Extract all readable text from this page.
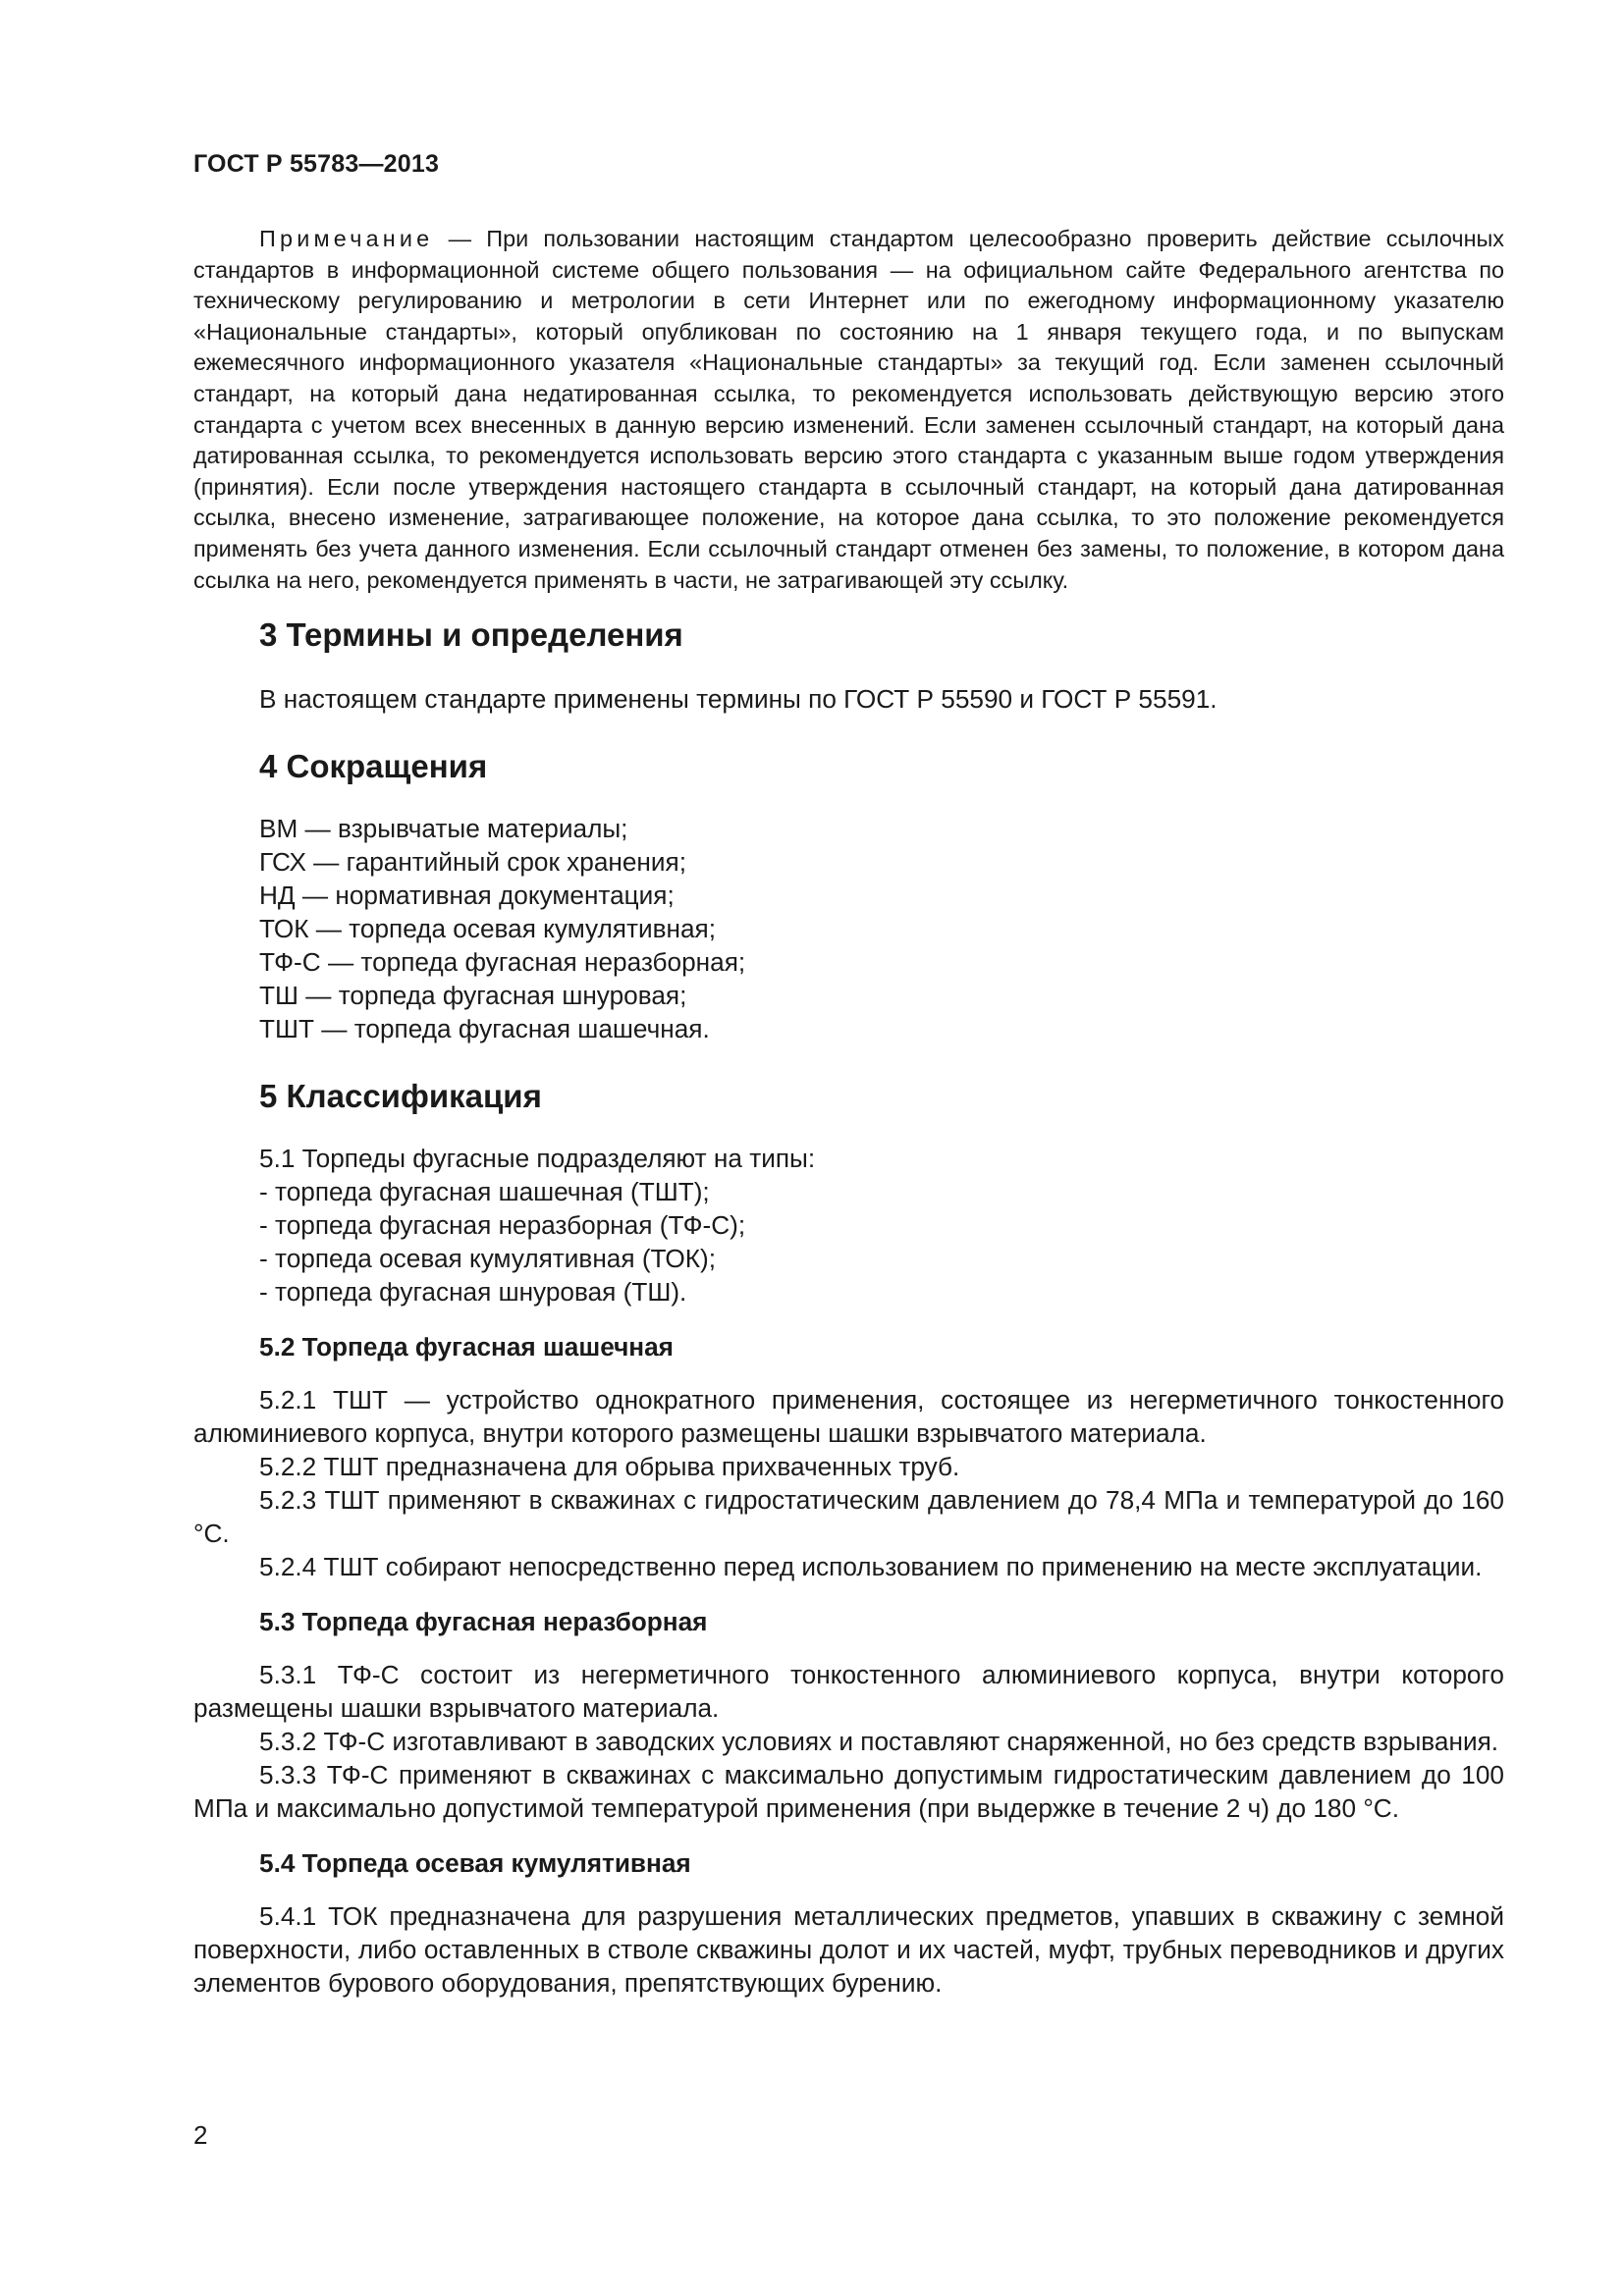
ГОСТ Р 55783—2013

Примечание — При пользовании настоящим стандартом целесообразно проверить действие ссылочных стандартов в информационной системе общего пользования — на официальном сайте Федерального агентства по техническому регулированию и метрологии в сети Интернет или по ежегодному информационному указателю «Национальные стандарты», который опубликован по состоянию на 1 января текущего года, и по выпускам ежемесячного информационного указателя «Национальные стандарты» за текущий год. Если заменен ссылочный стандарт, на который дана недатированная ссылка, то рекомендуется использовать действующую версию этого стандарта с учетом всех внесенных в данную версию изменений. Если заменен ссылочный стандарт, на который дана датированная ссылка, то рекомендуется использовать версию этого стандарта с указанным выше годом утверждения (принятия). Если после утверждения настоящего стандарта в ссылочный стандарт, на который дана датированная ссылка, внесено изменение, затрагивающее положение, на которое дана ссылка, то это положение рекомендуется применять без учета данного изменения. Если ссылочный стандарт отменен без замены, то положение, в котором дана ссылка на него, рекомендуется применять в части, не затрагивающей эту ссылку.

3 Термины и определения

В настоящем стандарте применены термины по ГОСТ Р 55590 и ГОСТ Р 55591.

4 Сокращения

ВМ — взрывчатые материалы;

ГСХ — гарантийный срок хранения;

НД — нормативная документация;

ТОК — торпеда осевая кумулятивная;

ТФ-С — торпеда фугасная неразборная;

ТШ — торпеда фугасная шнуровая;

ТШТ — торпеда фугасная шашечная.

5 Классификация

5.1 Торпеды фугасные подразделяют на типы:

- торпеда фугасная шашечная (ТШТ);

- торпеда фугасная неразборная (ТФ-С);

- торпеда осевая кумулятивная (ТОК);

- торпеда фугасная шнуровая (ТШ).

5.2 Торпеда фугасная шашечная

5.2.1 ТШТ — устройство однократного применения, состоящее из негерметичного тонкостенного алюминиевого корпуса, внутри которого размещены шашки взрывчатого материала.

5.2.2 ТШТ предназначена для обрыва прихваченных труб.

5.2.3 ТШТ применяют в скважинах с гидростатическим давлением до 78,4 МПа и температурой до 160 °С.

5.2.4 ТШТ собирают непосредственно перед использованием по применению на месте эксплуатации.

5.3 Торпеда фугасная неразборная

5.3.1 ТФ-С состоит из негерметичного тонкостенного алюминиевого корпуса, внутри которого размещены шашки взрывчатого материала.

5.3.2 ТФ-С изготавливают в заводских условиях и поставляют снаряженной, но без средств взрывания.

5.3.3 ТФ-С применяют в скважинах с максимально допустимым гидростатическим давлением до 100 МПа и максимально допустимой температурой применения (при выдержке в течение 2 ч) до 180 °С.

5.4 Торпеда осевая кумулятивная

5.4.1 ТОК предназначена для разрушения металлических предметов, упавших в скважину с земной поверхности, либо оставленных в стволе скважины долот и их частей, муфт, трубных переводников и других элементов бурового оборудования, препятствующих бурению.

2
